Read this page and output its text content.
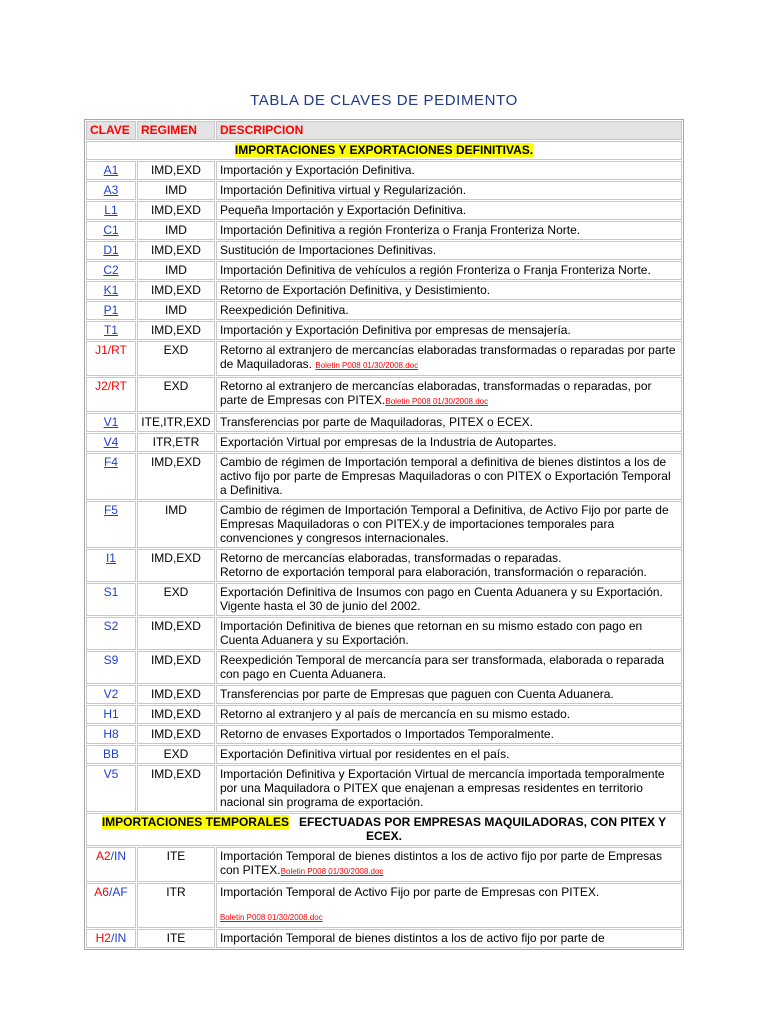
TABLA DE CLAVES DE PEDIMENTO
CLAVE	REGIMEN	DESCRIPCION
IMPORTACIONES Y EXPORTACIONES DEFINITIVAS.		
A1	IMD,EXD	Importación y Exportación Definitiva.
A3	IMD	Importación Definitiva virtual y Regularización.
L1	IMD,EXD	Pequeña Importación y Exportación Definitiva.
C1	IMD	Importación Definitiva a región Fronteriza o Franja Fronteriza Norte.
D1	IMD,EXD	Sustitución de Importaciones Definitivas.
C2	IMD	Importación Definitiva de vehículos a región Fronteriza o Franja Fronteriza Norte.
K1	IMD,EXD	Retorno de Exportación Definitiva, y Desistimiento.
P1	IMD	Reexpedición Definitiva.
T1	IMD,EXD	Importación y Exportación Definitiva por empresas de mensajería.
J1/RT	EXD	Retorno al extranjero de mercancías elaboradas transformadas o reparadas por parte de Maquiladoras. Boletin P008 01/30/2008.doc
J2/RT	EXD	Retorno al extranjero de mercancías elaboradas, transformadas o reparadas, por parte de Empresas con PITEX.Boletin P008 01/30/2008.doc
V1	ITE,ITR,EXD	Transferencias por parte de Maquiladoras, PITEX o ECEX.
V4	ITR,ETR	Exportación Virtual por empresas de la Industria de Autopartes.
F4	IMD,EXD	Cambio de régimen de Importación temporal a definitiva de bienes distintos a los de activo fijo por parte de Empresas Maquiladoras o con PITEX o Exportación Temporal a Definitiva.
F5	IMD	Cambio de régimen de Importación Temporal a Definitiva, de Activo Fijo por parte de Empresas Maquiladoras o con PITEX.y de importaciones temporales para convenciones y congresos internacionales.
I1	IMD,EXD	Retorno de mercancías elaboradas, transformadas o reparadas.
Retorno de exportación temporal para elaboración, transformación o reparación.

S1	EXD	Exportación Definitiva de Insumos con pago en Cuenta Aduanera y su Exportación. Vigente hasta el 30 de junio del 2002.
S2	IMD,EXD	Importación Definitiva de bienes que retornan en su mismo estado con pago en Cuenta Aduanera y su Exportación.
S9	IMD,EXD	Reexpedición Temporal de mercancía para ser transformada, elaborada o reparada con pago en Cuenta Aduanera.
V2	IMD,EXD	Transferencias por parte de Empresas que paguen con Cuenta Aduanera.
H1	IMD,EXD	Retorno al extranjero y al país de mercancía en su mismo estado.
H8	IMD,EXD	Retorno de envases Exportados o Importados Temporalmente.
BB	EXD	Exportación Definitiva virtual por residentes en el país.
V5	IMD,EXD	Importación Definitiva y Exportación Virtual de mercancía importada temporalmente por una Maquiladora o PITEX que enajenan a empresas residentes en territorio nacional sin programa de exportación.
IMPORTACIONES TEMPORALES EFECTUADAS POR EMPRESAS MAQUILADORAS, CON PITEX Y ECEX.		
A2/IN	ITE	Importación Temporal de bienes distintos a los de activo fijo por parte de Empresas con PITEX.Boletin P008 01/30/2008.doc
A6/AF	ITR	Importación Temporal de Activo Fijo por parte de Empresas con PITEX.
Boletin P008 01/30/2008.doc
H2/IN	ITE	Importación Temporal de bienes distintos a los de activo fijo por parte de
